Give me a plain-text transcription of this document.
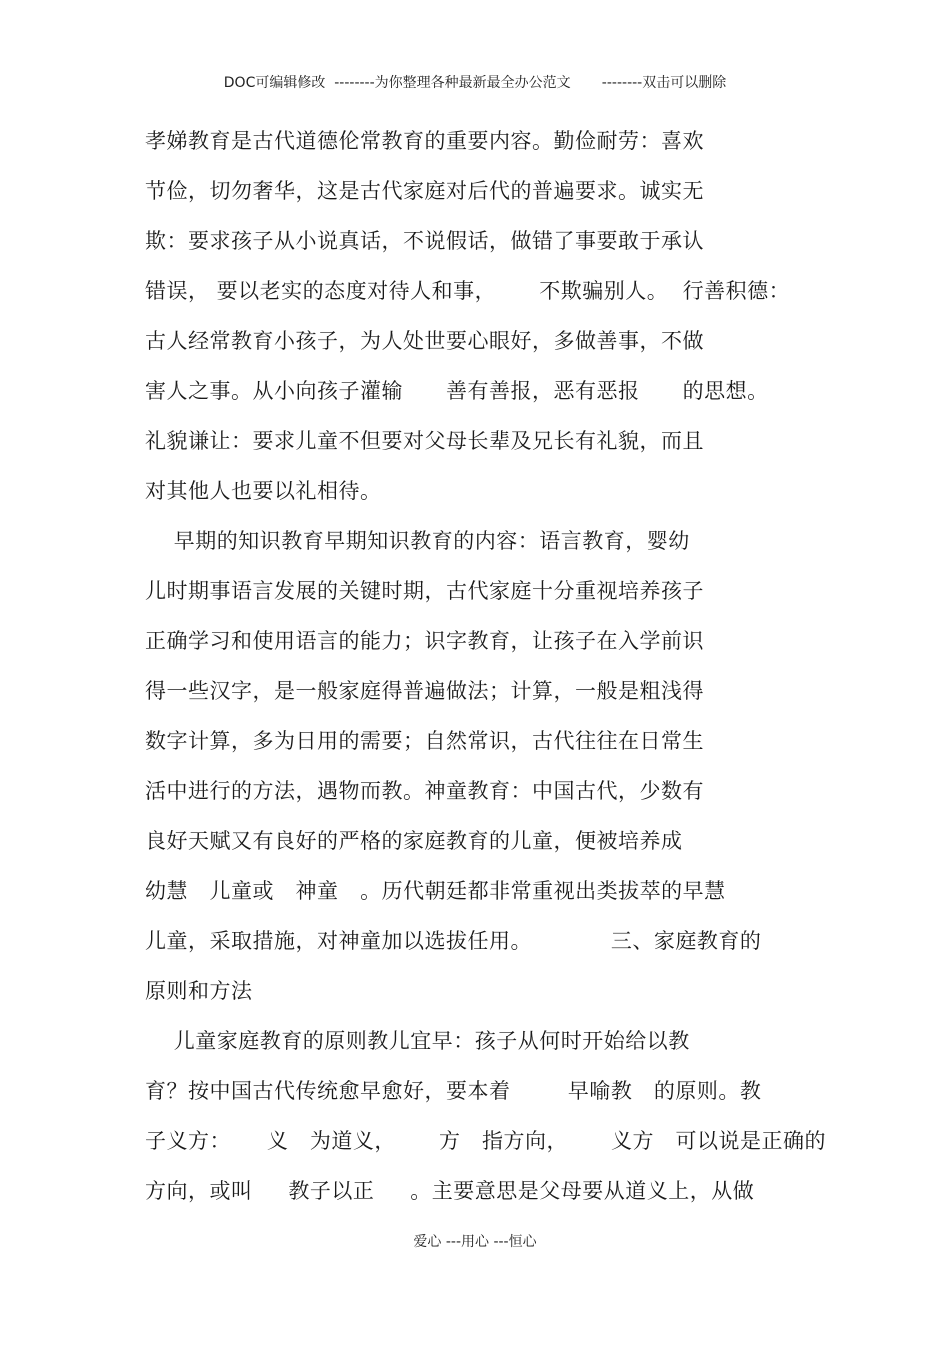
DOC可编辑修改  --------为你整理各种最新最全办公范文       --------双击可以删除
孝娣教育是古代道德伦常教育的重要内容。勤俭耐劳：喜欢
节俭，切勿奢华，这是古代家庭对后代的普遍要求。诚实无
欺：要求孩子从小说真话，不说假话，做错了事要敢于承认
错误， 要以老实的态度对待人和事，      不欺骗别人。  行善积德：
古人经常教育小孩子，为人处世要心眼好，多做善事，不做
害人之事。从小向孩子灌输      善有善报，恶有恶报      的思想。
礼貌谦让：要求儿童不但要对父母长辈及兄长有礼貌，而且
对其他人也要以礼相待。
早期的知识教育早期知识教育的内容：语言教育，婴幼
儿时期事语言发展的关键时期，古代家庭十分重视培养孩子
正确学习和使用语言的能力；识字教育，让孩子在入学前识
得一些汉字，是一般家庭得普遍做法；计算，一般是粗浅得
数字计算，多为日用的需要；自然常识，古代往往在日常生
活中进行的方法，遇物而教。神童教育：中国古代，少数有
良好天赋又有良好的严格的家庭教育的儿童，便被培养成
幼慧   儿童或   神童   。历代朝廷都非常重视出类拔萃的早慧
儿童，采取措施，对神童加以选拔任用。           三、家庭教育的
原则和方法
儿童家庭教育的原则教儿宜早：孩子从何时开始给以教
育？按中国古代传统愈早愈好，要本着        早喻教   的原则。教
子义方：     义   为道义，      方   指方向，      义方   可以说是正确的
方向，或叫     教子以正     。主要意思是父母要从道义上，从做
爱心 ---用心 ---恒心
